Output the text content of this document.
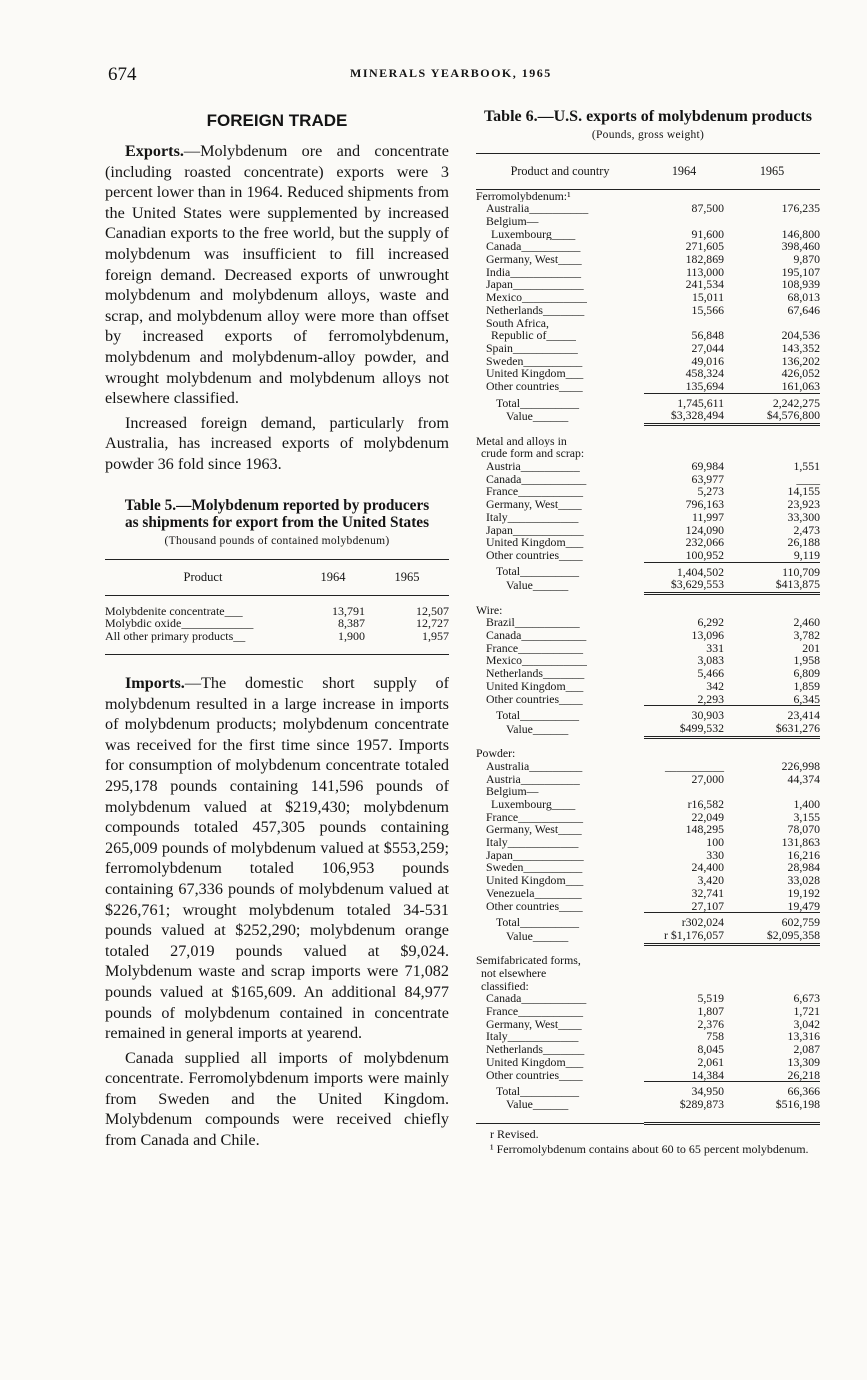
674	MINERALS YEARBOOK, 1965
FOREIGN TRADE

Exports.—Molybdenum ore and concentrate (including roasted concentrate) exports were 3 percent lower than in 1964. Reduced shipments from the United States were supplemented by increased Canadian exports to the free world, but the supply of molybdenum was insufficient to fill increased foreign demand. Decreased exports of unwrought molybdenum and molybdenum alloys, waste and scrap, and molybdenum alloy were more than offset by increased exports of ferromolybdenum, molybdenum and molybdenum-alloy powder, and wrought molybdenum and molybdenum alloys not elsewhere classified.

Increased foreign demand, particularly from Australia, has increased exports of molybdenum powder 36 fold since 1963.

Table 5.—Molybdenum reported by producers as shipments for export from the United States
(Thousand pounds of contained molybdenum)
Product	1964	1965
Molybdenite concentrate___	13,791	12,507
Molybdic oxide____________	8,387	12,727
All other primary products__	1,900	1,957

Imports.—The domestic short supply of molybdenum resulted in a large increase in imports of molybdenum products; molybdenum concentrate was received for the first time since 1957. Imports for consumption of molybdenum concentrate totaled 295,178 pounds containing 141,596 pounds of molybdenum valued at $219,430; molybdenum compounds totaled 457,305 pounds containing 265,009 pounds of molybdenum valued at $553,259; ferromolybdenum totaled 106,953 pounds containing 67,336 pounds of molybdenum valued at $226,761; wrought molybdenum totaled 34-531 pounds valued at $252,290; molybdenum orange totaled 27,019 pounds valued at $9,024. Molybdenum waste and scrap imports were 71,082 pounds valued at $165,609. An additional 84,977 pounds of molybdenum contained in concentrate remained in general imports at yearend.

Canada supplied all imports of molybdenum concentrate. Ferromolybdenum imports were mainly from Sweden and the United Kingdom. Molybdenum compounds were received chiefly from Canada and Chile.

Table 6.—U.S. exports of molybdenum products
(Pounds, gross weight)
Product and country	1964	1965
Ferromolybdenum:¹		
Australia__________	87,500	176,235
Belgium—		
Luxembourg____	91,600	146,800
Canada__________	271,605	398,460
Germany, West____	182,869	9,870
India____________	113,000	195,107
Japan____________	241,534	108,939
Mexico___________	15,011	68,013
Netherlands_______	15,566	67,646
South Africa,		
Republic of_____	56,848	204,536
Spain___________	27,044	143,352
Sweden__________	49,016	136,202
United Kingdom___	458,324	426,052
Other countries____	135,694	161,063
Total__________	1,745,611	2,242,275
Value______	$3,328,494	$4,576,800
Metal and alloys in		
crude form and scrap:		
Austria__________	69,984	1,551
Canada___________	63,977	____
France___________	5,273	14,155
Germany, West____	796,163	23,923
Italy____________	11,997	33,300
Japan____________	124,090	2,473
United Kingdom___	232,066	26,188
Other countries____	100,952	9,119
Total__________	1,404,502	110,709
Value______	$3,629,553	$413,875
Wire:		
Brazil___________	6,292	2,460
Canada___________	13,096	3,782
France___________	331	201
Mexico___________	3,083	1,958
Netherlands_______	5,466	6,809
United Kingdom___	342	1,859
Other countries____	2,293	6,345
Total__________	30,903	23,414
Value______	$499,532	$631,276
Powder:		
Australia_________	__________	226,998
Austria__________	27,000	44,374
Belgium—		
Luxembourg____	r16,582	1,400
France___________	22,049	3,155
Germany, West____	148,295	78,070
Italy____________	100	131,863
Japan____________	330	16,216
Sweden__________	24,400	28,984
United Kingdom___	3,420	33,028
Venezuela________	32,741	19,192
Other countries____	27,107	19,479
Total__________	r302,024	602,759
Value______	r $1,176,057	$2,095,358
Semifabricated forms,		
not elsewhere		
classified:		
Canada___________	5,519	6,673
France___________	1,807	1,721
Germany, West____	2,376	3,042
Italy____________	758	13,316
Netherlands_______	8,045	2,087
United Kingdom___	2,061	13,309
Other countries____	14,384	26,218
Total__________	34,950	66,366
Value______	$289,873	$516,198
r Revised.
¹ Ferromolybdenum contains about 60 to 65 percent molybdenum.
